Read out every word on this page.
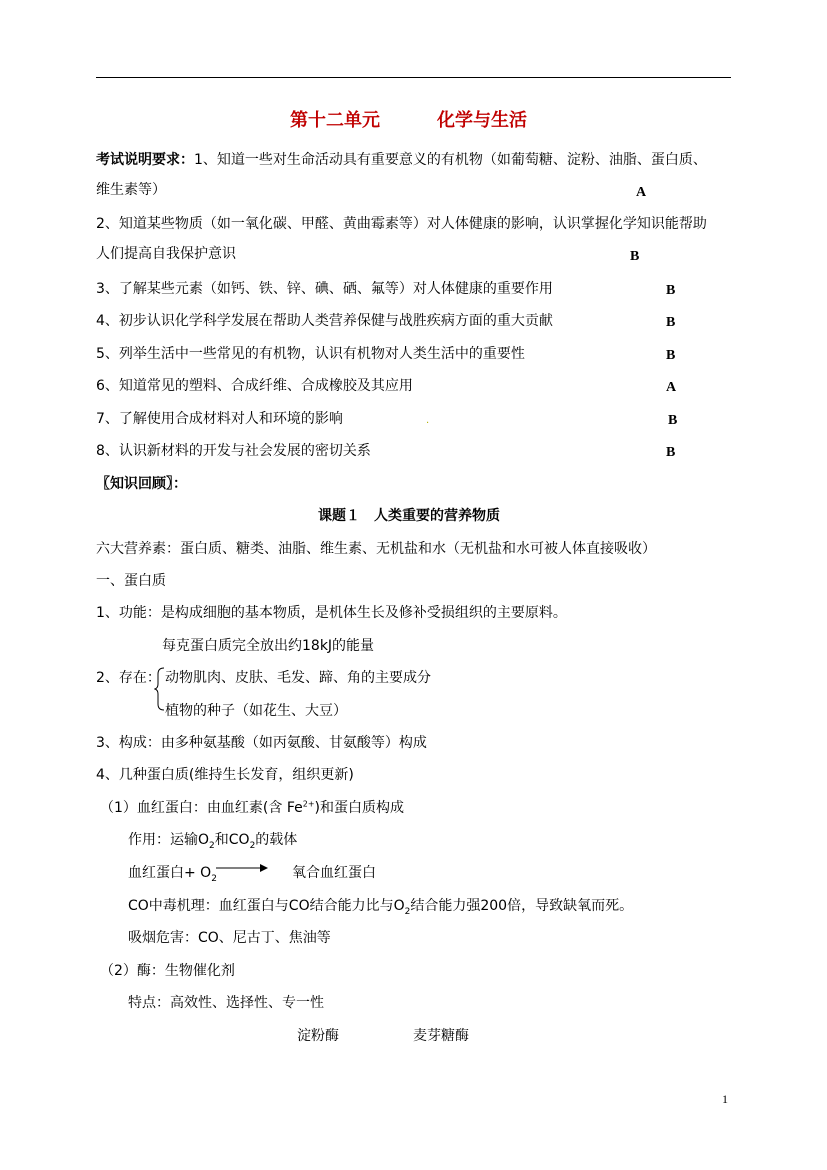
第十二单元	化学与生活
考试说明要求：1、知道一些对生命活动具有重要意义的有机物（如葡萄糖、淀粉、油脂、蛋白质、
维生素等）	A
2、知道某些物质（如一氧化碳、甲醛、黄曲霉素等）对人体健康的影响，认识掌握化学知识能帮助
人们提高自我保护意识	B
3、了解某些元素（如钙、铁、锌、碘、硒、氟等）对人体健康的重要作用	B
4、初步认识化学科学发展在帮助人类营养保健与战胜疾病方面的重大贡献	B
5、列举生活中一些常见的有机物，认识有机物对人类生活中的重要性	B
6、知道常见的塑料、合成纤维、合成橡胶及其应用	A
7、了解使用合成材料对人和环境的影响	.	B
8、认识新材料的开发与社会发展的密切关系	B
〖知识回顾〗：
课题１　人类重要的营养物质
六大营养素：蛋白质、糖类、油脂、维生素、无机盐和水（无机盐和水可被人体直接吸收）
一、蛋白质
1、功能：是构成细胞的基本物质，是机体生长及修补受损组织的主要原料。
每克蛋白质完全放出约18kJ的能量
2、存在： 动物肌肉、皮肤、毛发、蹄、角的主要成分
植物的种子（如花生、大豆）
3、构成：由多种氨基酸（如丙氨酸、甘氨酸等）构成
4、几种蛋白质(维持生长发育，组织更新)
（1）血红蛋白：由血红素(含 $Fe^{2+}$)和蛋白质构成
作用：运输$O_2$和$CO_2$的载体
血红蛋白+ $O_2$	氧合血红蛋白
CO中毒机理：血红蛋白与CO结合能力比与$O_2$结合能力强200倍，导致缺氧而死。
吸烟危害：CO、尼古丁、焦油等
（2）酶：生物催化剂
特点：高效性、选择性、专一性
淀粉酶	麦芽糖酶
1
